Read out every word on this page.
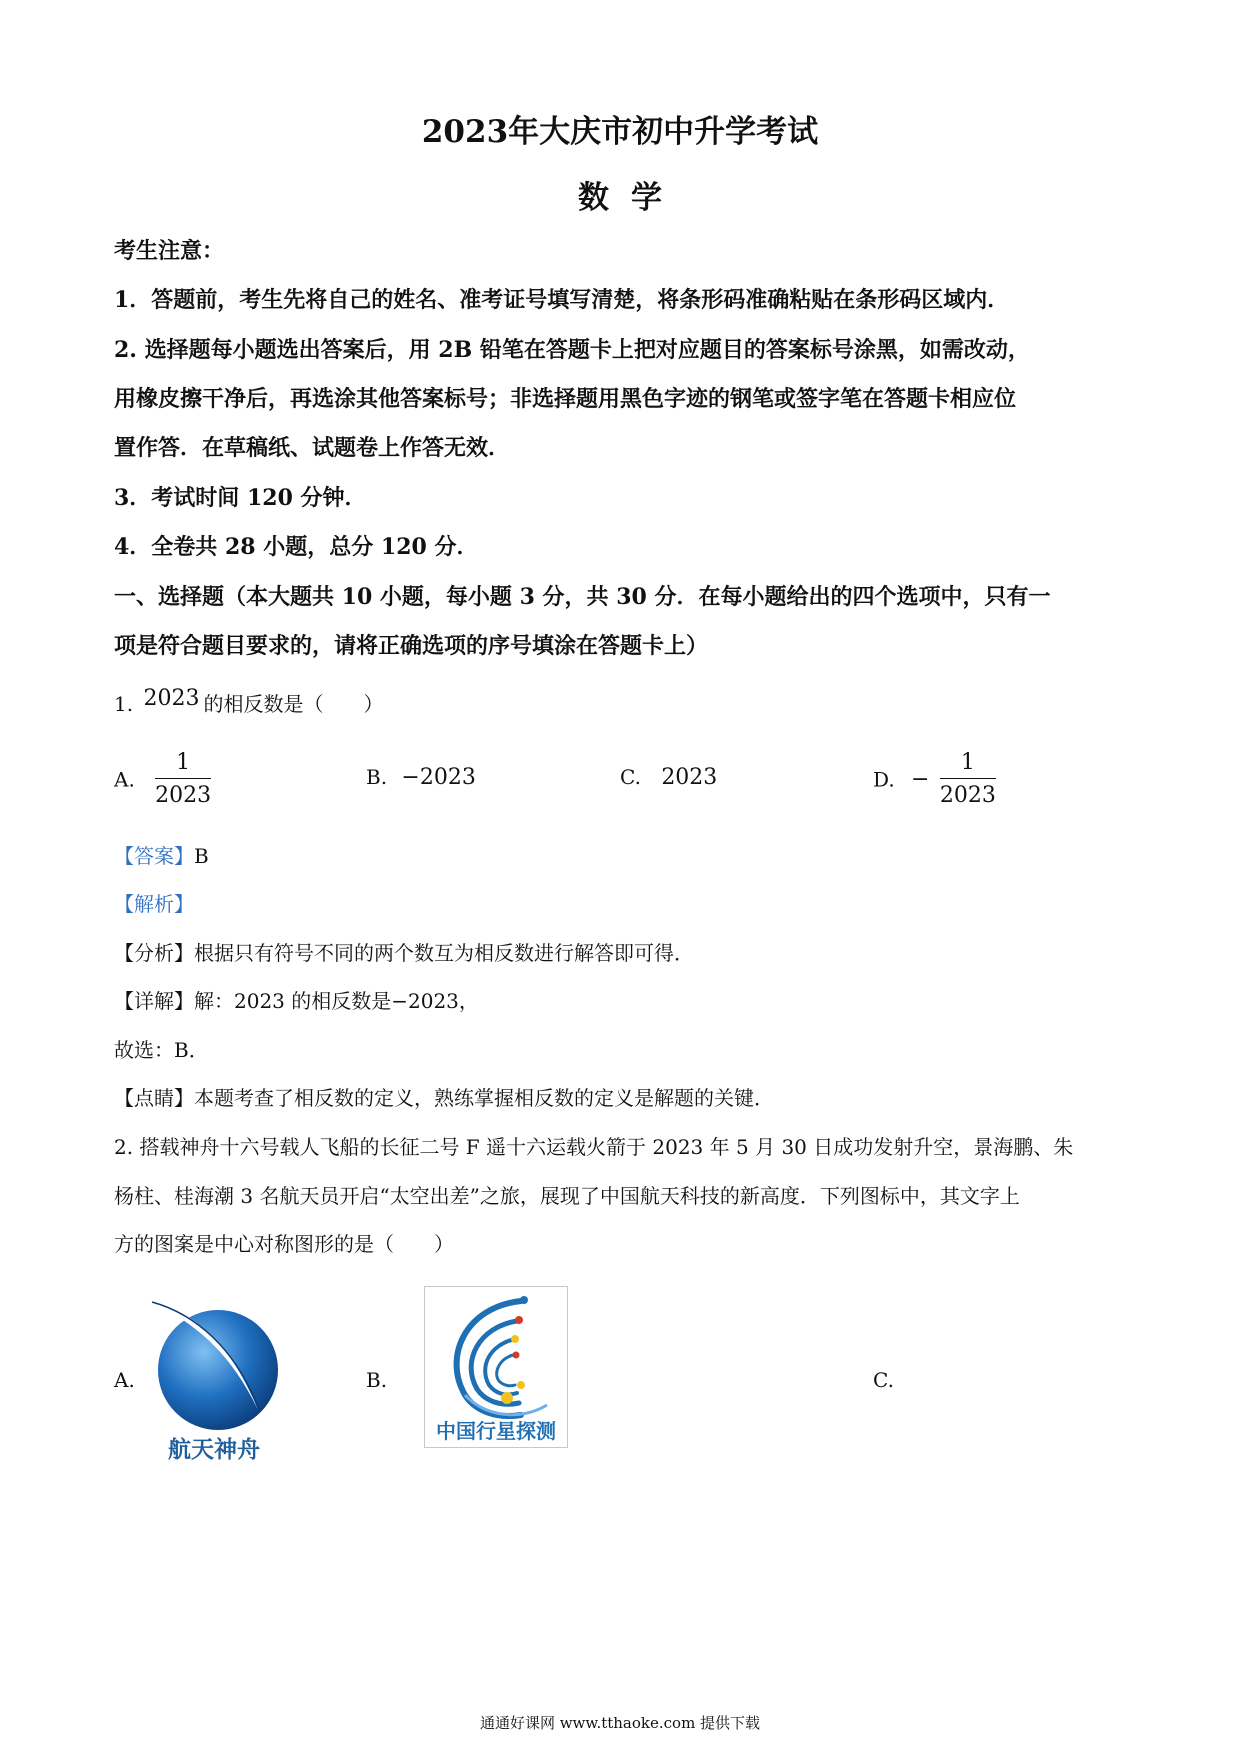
2023年大庆市初中升学考试
数学
考生注意：
1．答题前，考生先将自己的姓名、准考证号填写清楚，将条形码准确粘贴在条形码区域内．
2. 选择题每小题选出答案后，用 2B 铅笔在答题卡上把对应题目的答案标号涂黑，如需改动，
用橡皮擦干净后，再选涂其他答案标号；非选择题用黑色字迹的钢笔或签字笔在答题卡相应位
置作答．在草稿纸、试题卷上作答无效．
3．考试时间 120 分钟．
4．全卷共 28 小题，总分 120 分．
一、选择题（本大题共 10 小题，每小题 3 分，共 30 分．在每小题给出的四个选项中，只有一
项是符合题目要求的，请将正确选项的序号填涂在答题卡上）
1. 2023 的相反数是（　　）
A. $\frac{1}{2023}$	B. −2023	C. 2023	D. − $\frac{1}{2023}$
【答案】B
【解析】
【分析】根据只有符号不同的两个数互为相反数进行解答即可得．
【详解】解：2023 的相反数是−2023，
故选：B．
【点睛】本题考查了相反数的定义，熟练掌握相反数的定义是解题的关键．
2. 搭载神舟十六号载人飞船的长征二号 F 遥十六运载火箭于 2023 年 5 月 30 日成功发射升空，景海鹏、朱
杨柱、桂海潮 3 名航天员开启“太空出差”之旅，展现了中国航天科技的新高度．下列图标中，其文字上
方的图案是中心对称图形的是（　　）
A.
航天神舟
B.
中国行星探测
C.
通通好课网 www.tthaoke.com 提供下载
